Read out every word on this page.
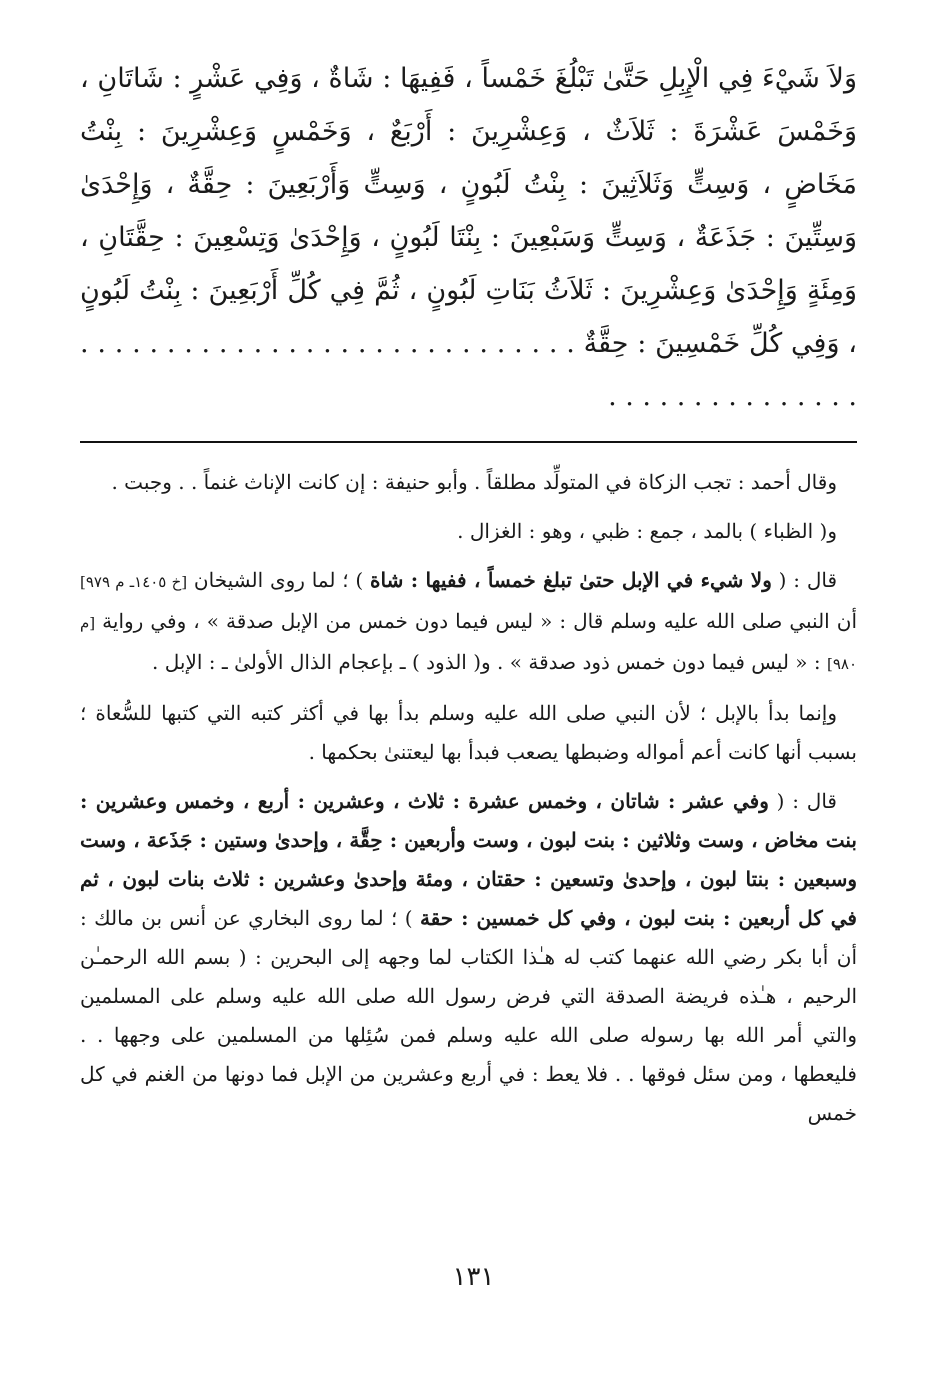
وَلاَ شَيْءَ فِي الْإِبِلِ حَتَّىٰ تَبْلُغَ خَمْساً ، فَفِيهَا : شَاةٌ ، وَفِي عَشْرٍ : شَاتَانِ ، وَخَمْسَ عَشْرَةَ : ثَلاَثٌ ، وَعِشْرِينَ : أَرْبَعٌ ، وَخَمْسٍ وَعِشْرِينَ : بِنْتُ مَخَاضٍ ، وَسِتٍّ وَثَلاَثِينَ : بِنْتُ لَبُونٍ ، وَسِتٍّ وَأَرْبَعِينَ : حِقَّةٌ ، وَإِحْدَىٰ وَسِتِّينَ : جَذَعَةٌ ، وَسِتٍّ وَسَبْعِينَ : بِنْتَا لَبُونٍ ، وَإِحْدَىٰ وَتِسْعِينَ : حِقَّتَانِ ، وَمِئَةٍ وَإِحْدَىٰ وَعِشْرِينَ : ثَلاَثُ بَنَاتِ لَبُونٍ ، ثُمَّ فِي كُلِّ أَرْبَعِينَ : بِنْتُ لَبُونٍ ، وَفِي كُلِّ خَمْسِينَ : حِقَّةٌ . . . . . . . . . . . . . . . . . . . . . . . . . . . . . . . . . . . . . . . . . . . .

وقال أحمد : تجب الزكاة في المتولِّد مطلقاً . وأبو حنيفة : إن كانت الإناث غنماً . . وجبت .

و( الظباء ) بالمد ، جمع : ظبي ، وهو : الغزال .

قال : ( ولا شيء في الإبل حتىٰ تبلغ خمساً ، ففيها : شاة ) ؛ لما روى الشيخان [خ ١٤٠٥ـ م ٩٧٩] أن النبي صلى الله عليه وسلم قال : « ليس فيما دون خمس من الإبل صدقة » ، وفي رواية [م ٩٨٠] : « ليس فيما دون خمس ذود صدقة » . و( الذود ) ـ بإعجام الذال الأولىٰ ـ : الإبل .

وإنما بدأ بالإبل ؛ لأن النبي صلى الله عليه وسلم بدأ بها في أكثر كتبه التي كتبها للسُّعاة ؛ بسبب أنها كانت أعم أمواله وضبطها يصعب فبدأ بها ليعتنىٰ بحكمها .

قال : ( وفي عشر : شاتان ، وخمس عشرة : ثلاث ، وعشرين : أربع ، وخمس وعشرين : بنت مخاض ، وست وثلاثين : بنت لبون ، وست وأربعين : حِقَّة ، وإحدىٰ وستين : جَذَعة ، وست وسبعين : بنتا لبون ، وإحدىٰ وتسعين : حقتان ، ومئة وإحدىٰ وعشرين : ثلاث بنات لبون ، ثم في كل أربعين : بنت لبون ، وفي كل خمسين : حقة ) ؛ لما روى البخاري عن أنس بن مالك : أن أبا بكر رضي الله عنهما كتب له هـٰذا الكتاب لما وجهه إلى البحرين : ( بسم الله الرحمـٰن الرحيم ، هـٰذه فريضة الصدقة التي فرض رسول الله صلى الله عليه وسلم على المسلمين والتي أمر الله بها رسوله صلى الله عليه وسلم فمن سُئِلها من المسلمين على وجهها . . فليعطها ، ومن سئل فوقها . . فلا يعط : في أربع وعشرين من الإبل فما دونها من الغنم في كل خمس

١٣١
